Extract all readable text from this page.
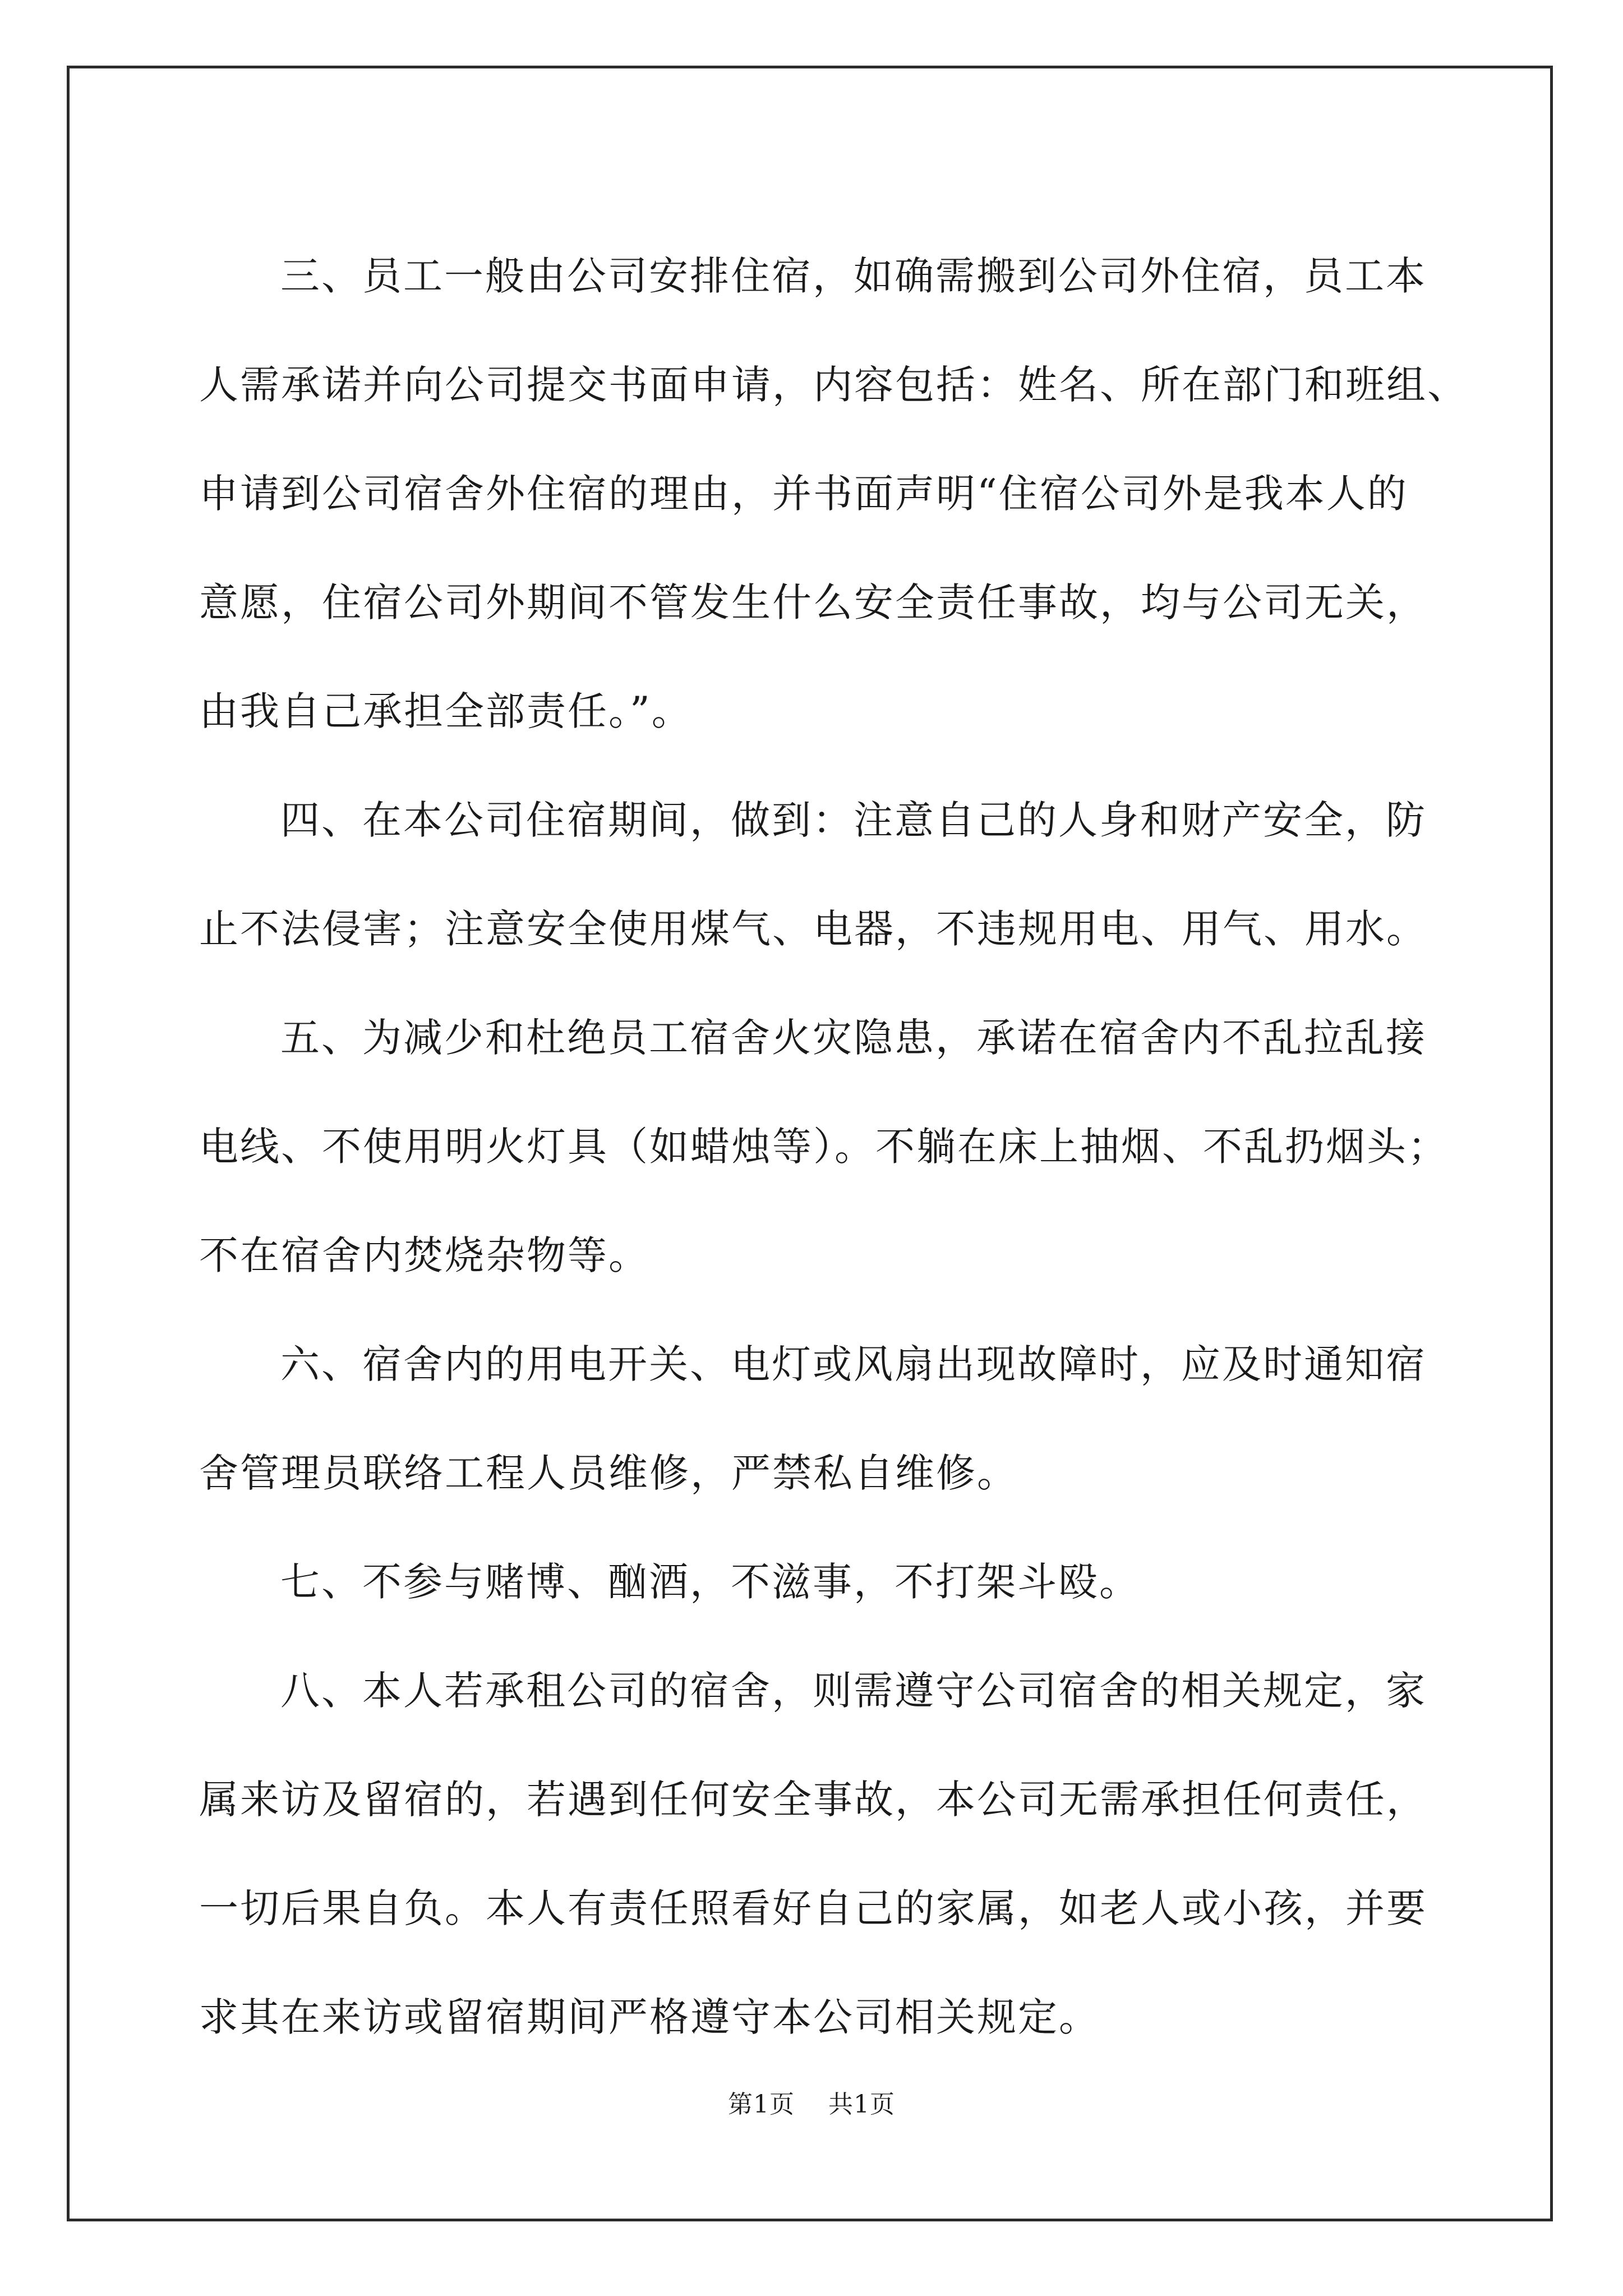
三、员工一般由公司安排住宿，如确需搬到公司外住宿，员工本
人需承诺并向公司提交书面申请，内容包括：姓名、所在部门和班组、
申请到公司宿舍外住宿的理由，并书面声明“住宿公司外是我本人的
意愿，住宿公司外期间不管发生什么安全责任事故，均与公司无关，
由我自己承担全部责任。”。
四、在本公司住宿期间，做到：注意自己的人身和财产安全，防
止不法侵害；注意安全使用煤气、电器，不违规用电、用气、用水。
五、为减少和杜绝员工宿舍火灾隐患，承诺在宿舍内不乱拉乱接
电线、不使用明火灯具（如蜡烛等）。不躺在床上抽烟、不乱扔烟头；
不在宿舍内焚烧杂物等。
六、宿舍内的用电开关、电灯或风扇出现故障时，应及时通知宿
舍管理员联络工程人员维修，严禁私自维修。
七、不参与赌博、酗酒，不滋事，不打架斗殴。
八、本人若承租公司的宿舍，则需遵守公司宿舍的相关规定，家
属来访及留宿的，若遇到任何安全事故，本公司无需承担任何责任，
一切后果自负。本人有责任照看好自己的家属，如老人或小孩，并要
求其在来访或留宿期间严格遵守本公司相关规定。
第1页 共1页
